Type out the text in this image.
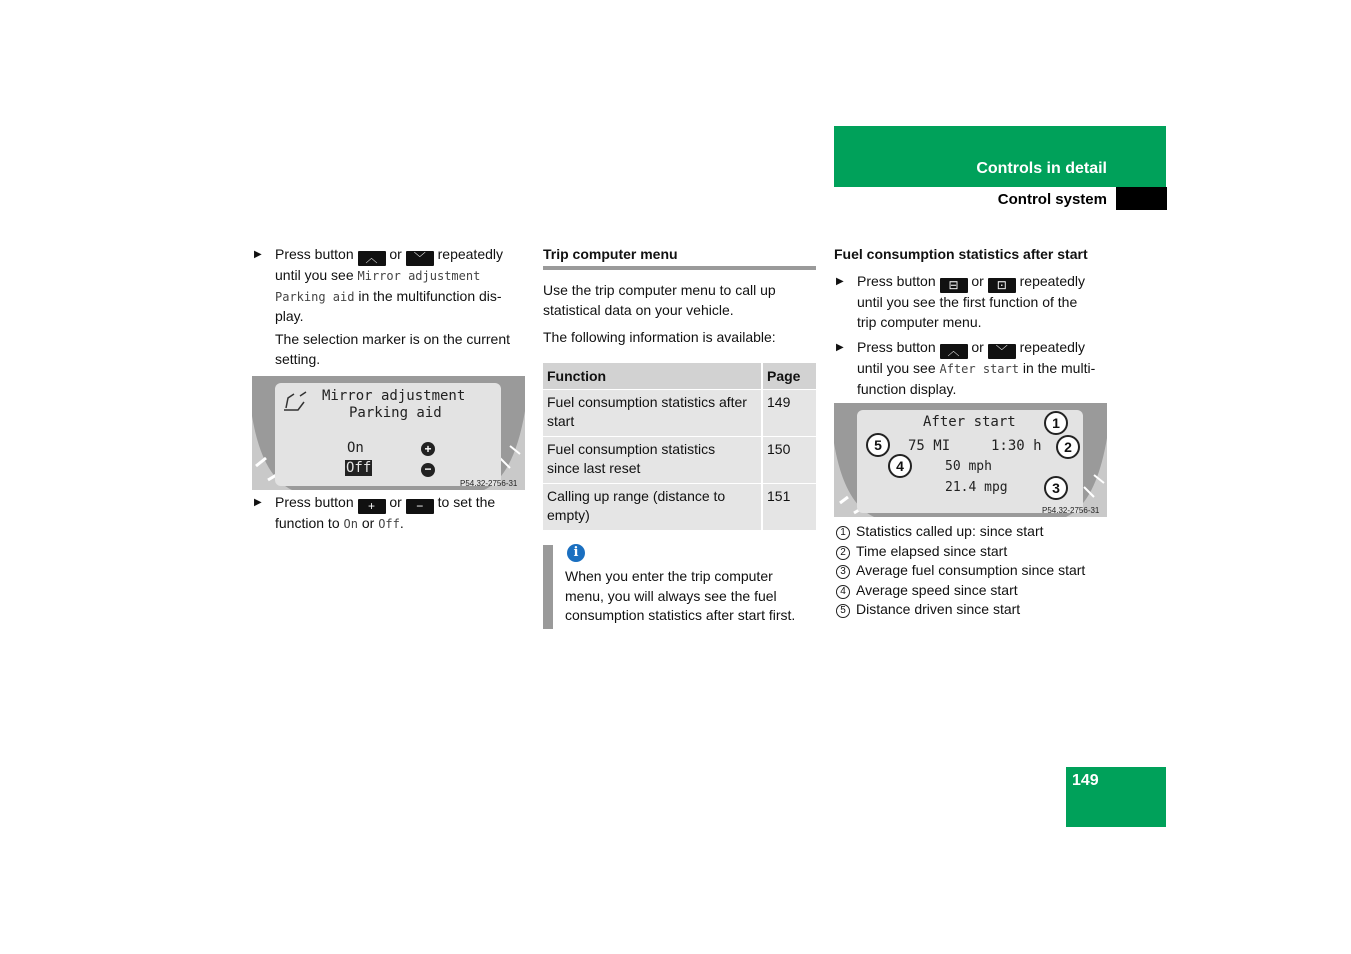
Controls in detail
Control system
149
▶ Press button ︿ or ﹀ repeatedly
until you see Mirror adjustment
Parking aid in the multifunction dis-
play.
The selection marker is on the current
setting.
Mirror adjustment
Parking aid
On
Off
+
−
P54.32-2756-31
▶ Press button + or − to set the
function to On or Off.
Trip computer menu
Use the trip computer menu to call up
statistical data on your vehicle.
The following information is available:
Function	Page

Fuel consumption statistics after
start	149

Fuel consumption statistics
since last reset	150

Calling up range (distance to
empty)	151
i
When you enter the trip computer
menu, you will always see the fuel
consumption statistics after start first.
Fuel consumption statistics after start
▶ Press button ⊟ or ⊡ repeatedly
until you see the first function of the
trip computer menu.
▶ Press button ︿ or ﹀ repeatedly
until you see After start in the multi-
function display.
After start
75 MI	1:30 h
50 mph
21.4 mpg
1
2
3
4
5
P54.32-2756-31
1 Statistics called up: since start
2 Time elapsed since start
3 Average fuel consumption since start
4 Average speed since start
5 Distance driven since start
